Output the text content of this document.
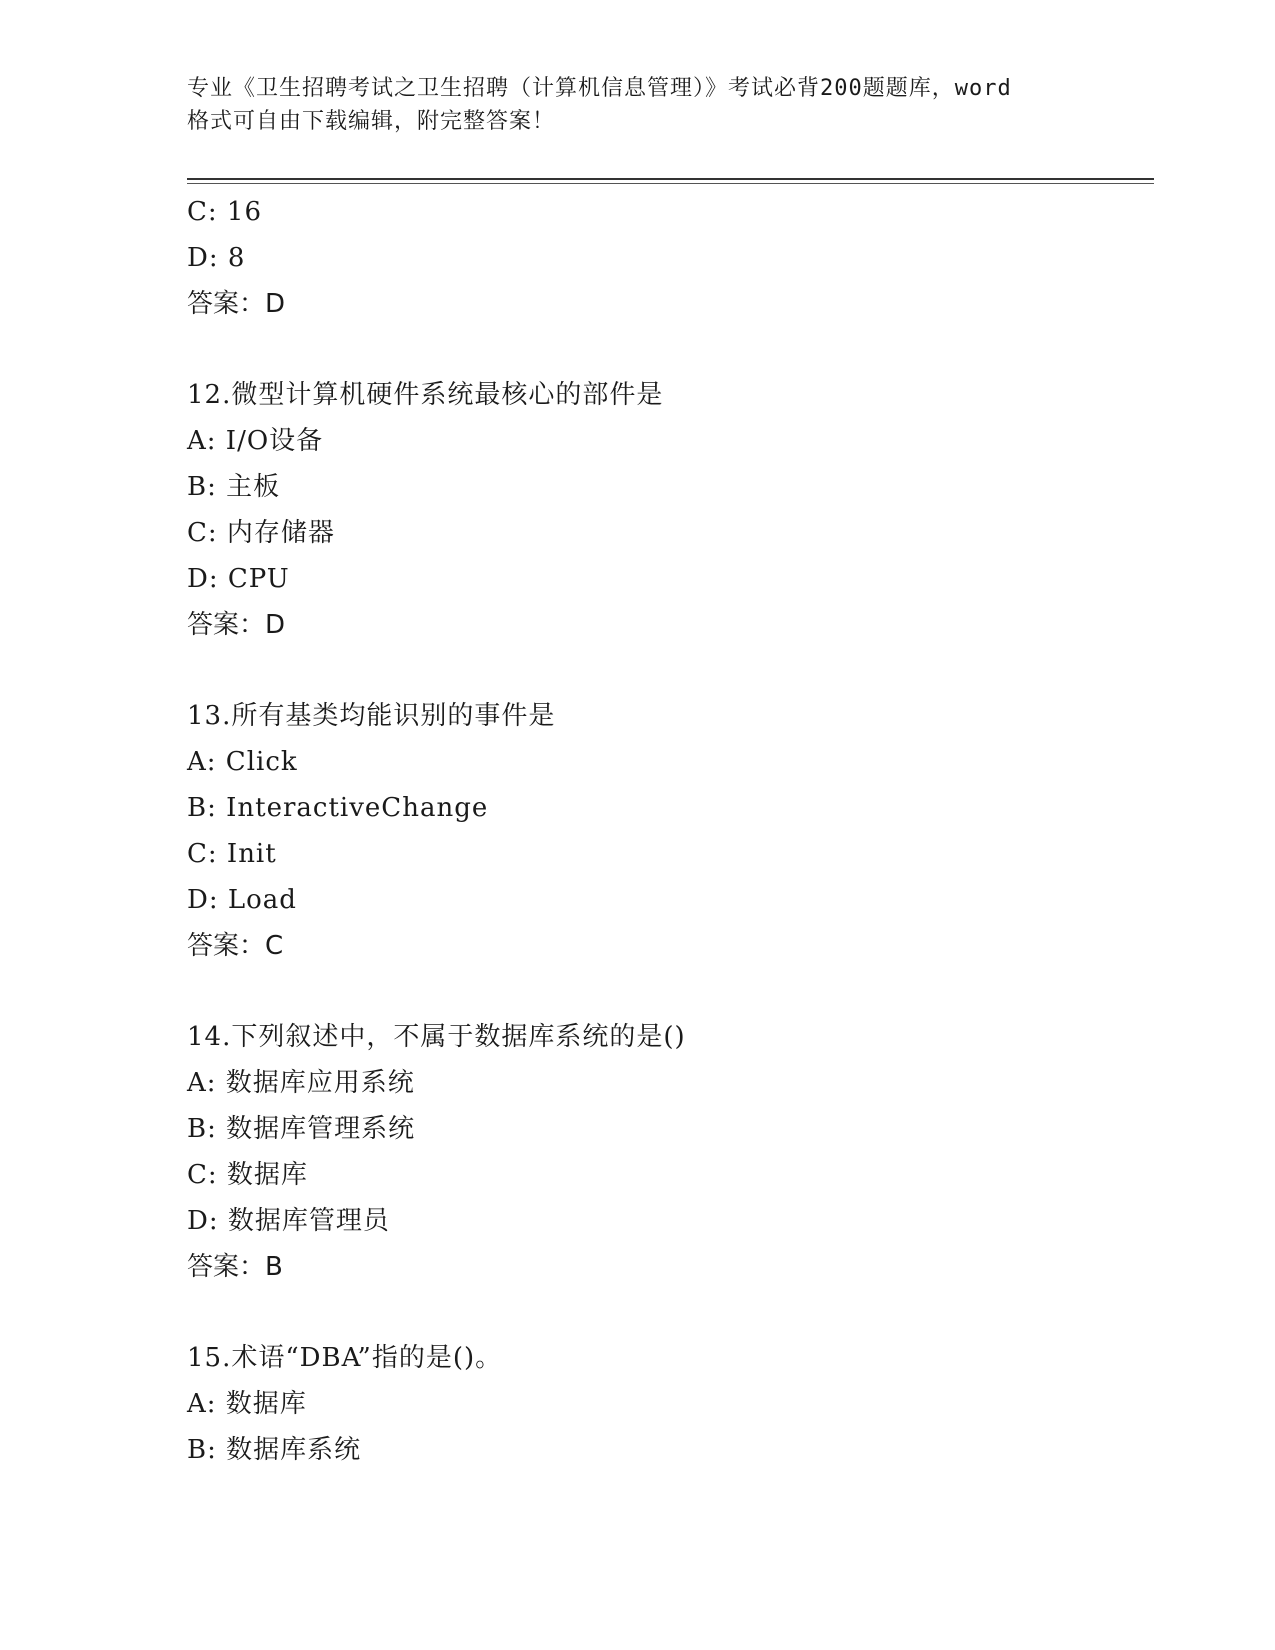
专业《卫生招聘考试之卫生招聘（计算机信息管理）》考试必背200题题库，word
格式可自由下载编辑，附完整答案！
C: 16
D: 8
答案：D
12.微型计算机硬件系统最核心的部件是
A: I/O设备
B: 主板
C: 内存储器
D: CPU
答案：D
13.所有基类均能识别的事件是
A: Click
B: InteractiveChange
C: Init
D: Load
答案：C
14.下列叙述中，不属于数据库系统的是()
A: 数据库应用系统
B: 数据库管理系统
C: 数据库
D: 数据库管理员
答案：B
15.术语“DBA”指的是()。
A: 数据库
B: 数据库系统
